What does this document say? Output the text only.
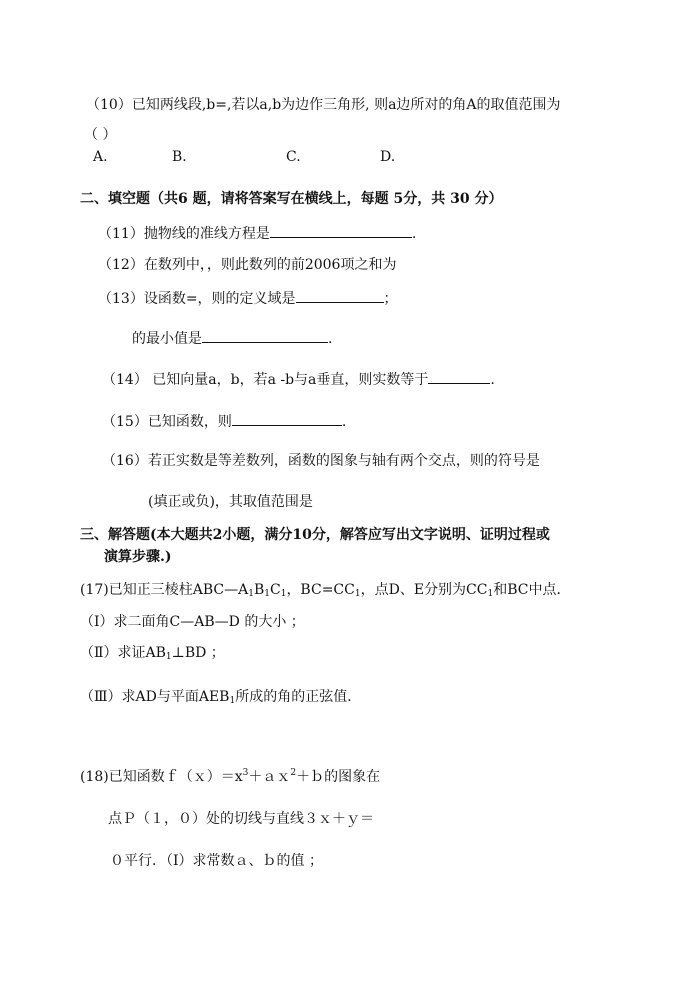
（10）已知两线段,b=,若以a,b为边作三角形, 则a边所对的角A的取值范围为
（ ）
A.	B．	C.	D.
二、填空题（共6 题，请将答案写在横线上，每题 5分，共 30 分）
（11）抛物线的准线方程是	.
（12）在数列中，，则此数列的前2006项之和为
（13）设函数=，则的定义域是	；
的最小值是	.
（14） 已知向量a，b，若a -b与a垂直，则实数等于	.
（15）已知函数，则	.
（16）若正实数是等差数列，函数的图象与轴有两个交点，则的符号是
(填正或负)，其取值范围是
三、解答题(本大题共2小题，满分10分，解答应写出文字说明、证明过程或
演算步骤.)
(17)已知正三棱柱$ABC—A_1B_1C_1$，$BC=CC_1$，点D、E分别为$CC_1$和BC中点．
（Ⅰ）求二面角C—AB—D 的大小 ；
（Ⅱ）求证$AB_1\perp BD$ ；
（Ⅲ）求AD与平面$AEB_1$所成的角的正弦值．
(18)已知函数$f(x)=x^3+ax^2+b$的图象在
点Ｐ（１，０）处的切线与直线３ｘ＋ｙ＝
０平行．（Ⅰ）求常数ａ、ｂ的值 ；
